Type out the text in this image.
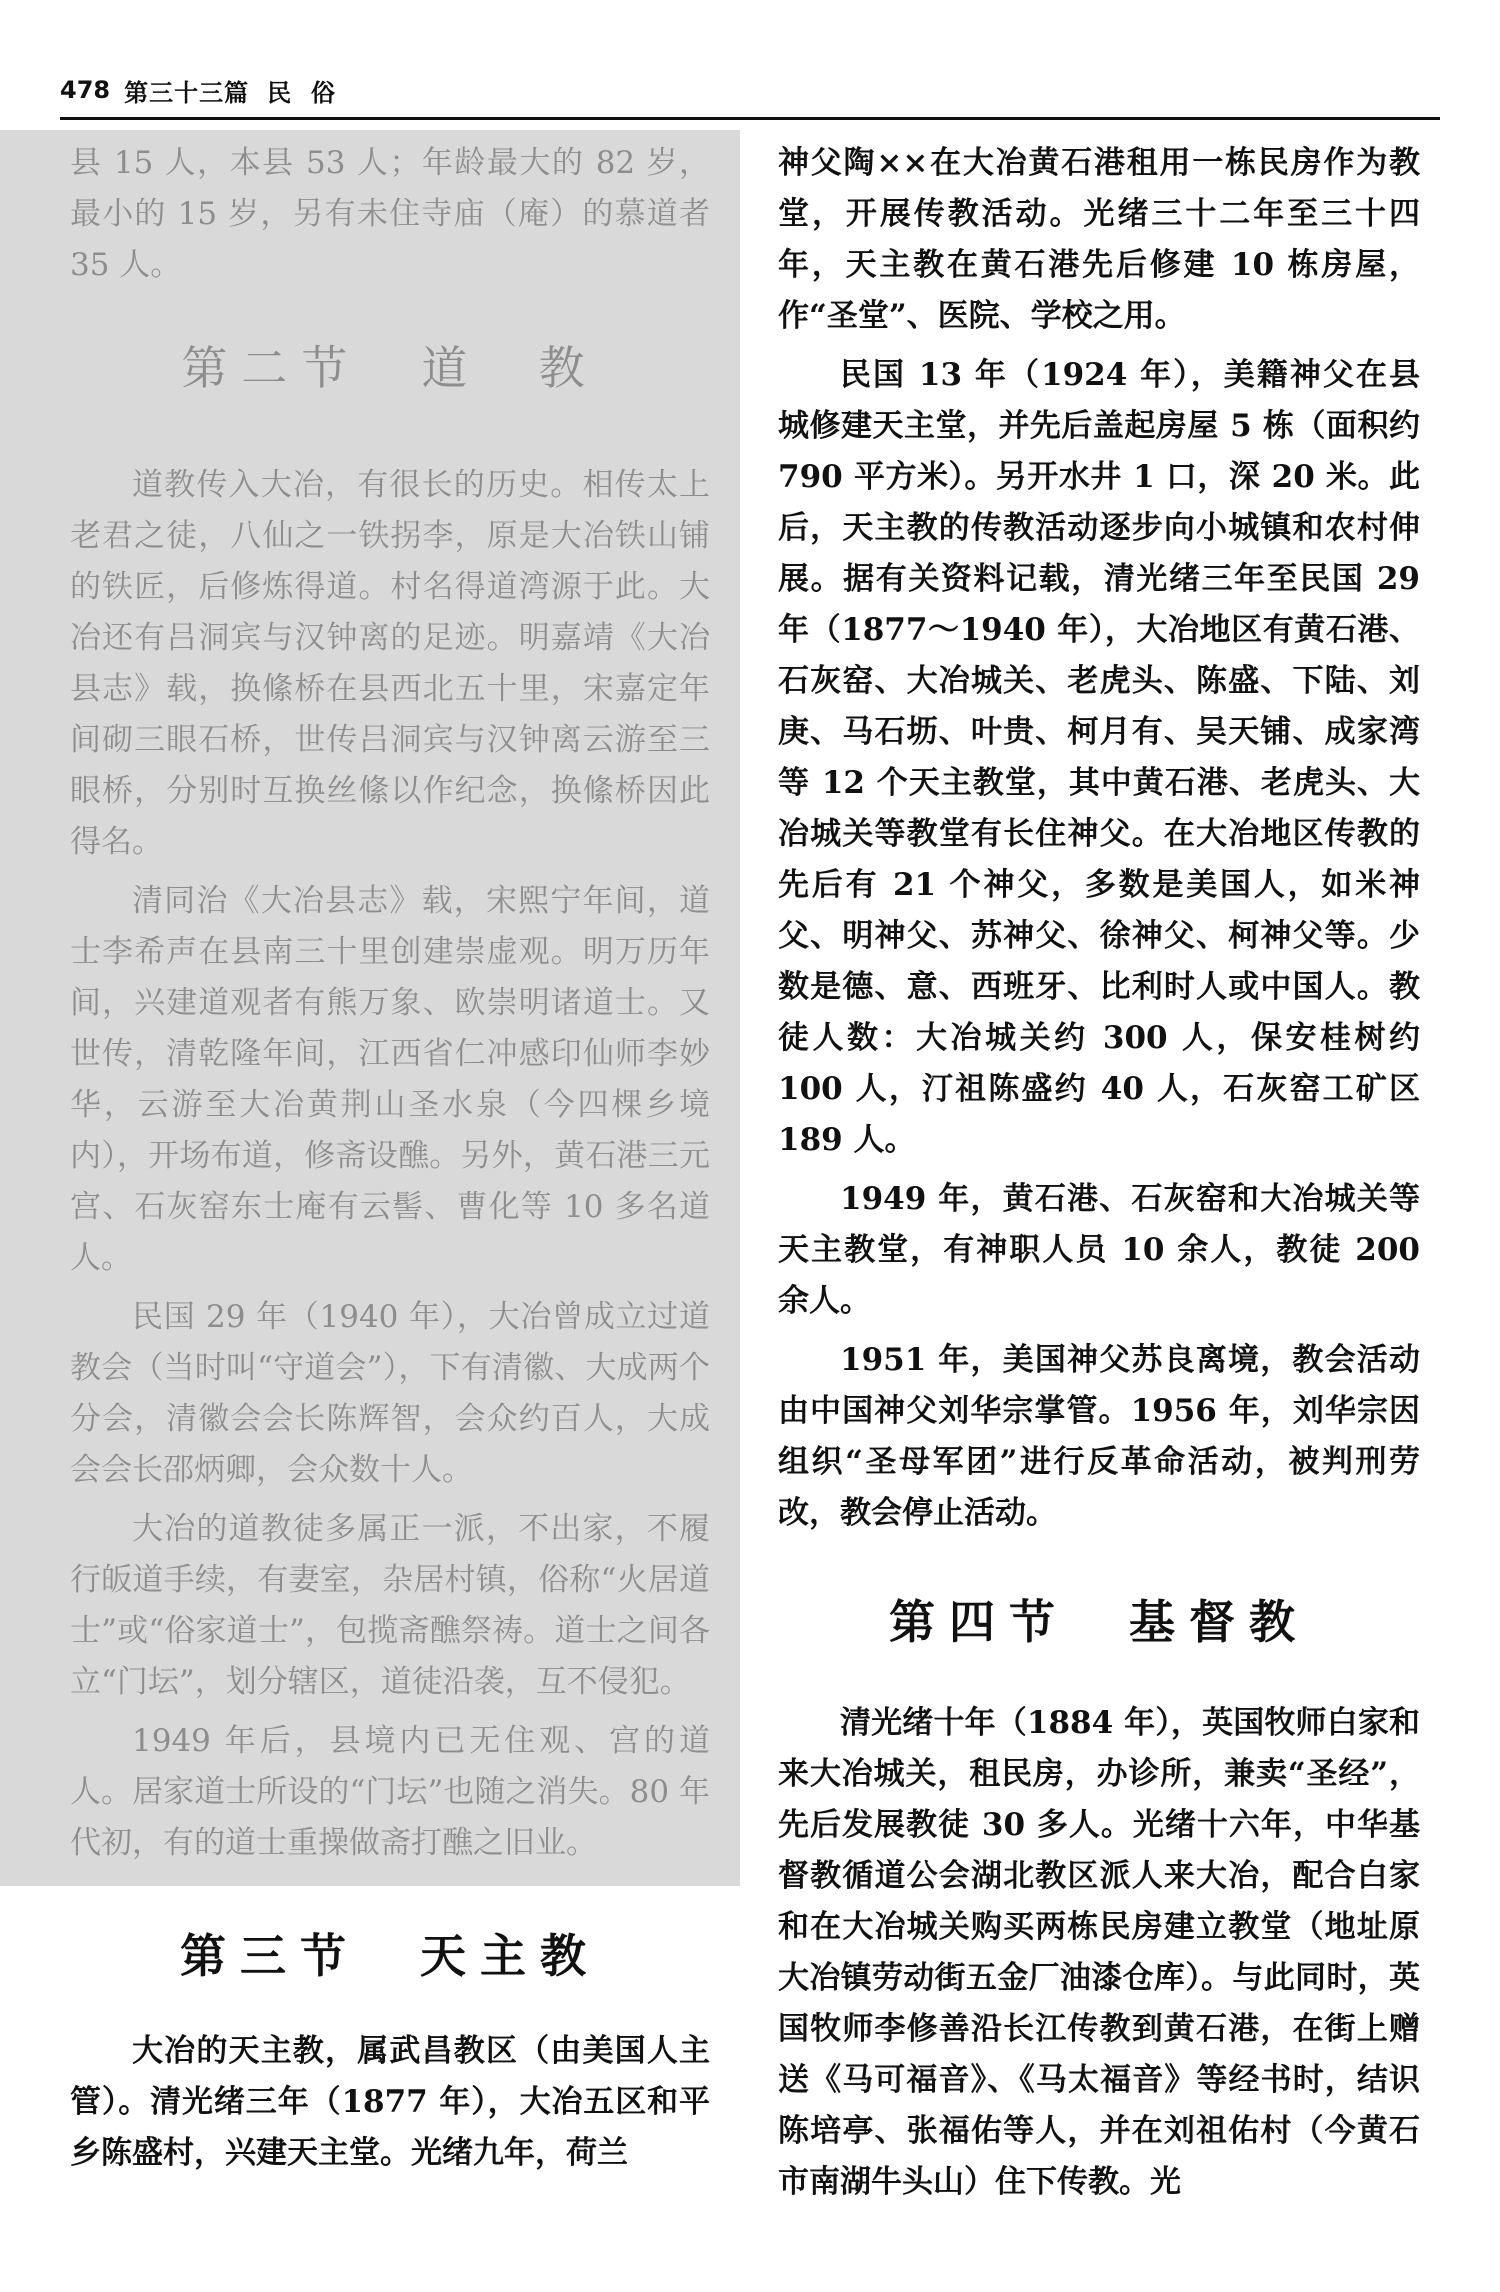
478 第三十三篇 民  俗

县 15 人，本县 53 人；年龄最大的 82 岁，最小的 15 岁，另有未住寺庙（庵）的慕道者 35 人。

第二节 道  教

道教传入大冶，有很长的历史。相传太上老君之徒，八仙之一铁拐李，原是大冶铁山铺的铁匠，后修炼得道。村名得道湾源于此。大冶还有吕洞宾与汉钟离的足迹。明嘉靖《大冶县志》载，换絛桥在县西北五十里，宋嘉定年间砌三眼石桥，世传吕洞宾与汉钟离云游至三眼桥，分别时互换丝絛以作纪念，换絛桥因此得名。

清同治《大冶县志》载，宋熙宁年间，道士李希声在县南三十里创建崇虚观。明万历年间，兴建道观者有熊万象、欧崇明诸道士。又世传，清乾隆年间，江西省仁冲感印仙师李妙华，云游至大冶黄荆山圣水泉（今四棵乡境内），开场布道，修斋设醮。另外，黄石港三元宫、石灰窑东士庵有云髻、曹化等 10 多名道人。

民国 29 年（1940 年），大冶曾成立过道教会（当时叫“守道会”），下有清徽、大成两个分会，清徽会会长陈辉智，会众约百人，大成会会长邵炳卿，会众数十人。

大冶的道教徒多属正一派，不出家，不履行皈道手续，有妻室，杂居村镇，俗称“火居道士”或“俗家道士”，包揽斋醮祭祷。道士之间各立“门坛”，划分辖区，道徒沿袭，互不侵犯。

1949 年后，县境内已无住观、宫的道人。居家道士所设的“门坛”也随之消失。80 年代初，有的道士重操做斋打醮之旧业。

第三节 天主教

大冶的天主教，属武昌教区（由美国人主管）。清光绪三年（1877 年），大冶五区和平乡陈盛村，兴建天主堂。光绪九年，荷兰

神父陶××在大冶黄石港租用一栋民房作为教堂，开展传教活动。光绪三十二年至三十四年，天主教在黄石港先后修建 10 栋房屋，作“圣堂”、医院、学校之用。

民国 13 年（1924 年），美籍神父在县城修建天主堂，并先后盖起房屋 5 栋（面积约 790 平方米）。另开水井 1 口，深 20 米。此后，天主教的传教活动逐步向小城镇和农村伸展。据有关资料记载，清光绪三年至民国 29 年（1877～1940 年），大冶地区有黄石港、石灰窑、大冶城关、老虎头、陈盛、下陆、刘庚、马石坜、叶贵、柯月有、吴天铺、成家湾等 12 个天主教堂，其中黄石港、老虎头、大冶城关等教堂有长住神父。在大冶地区传教的先后有 21 个神父，多数是美国人，如米神父、明神父、苏神父、徐神父、柯神父等。少数是德、意、西班牙、比利时人或中国人。教徒人数：大冶城关约 300 人，保安桂树约 100 人，汀祖陈盛约 40 人，石灰窑工矿区 189 人。

1949 年，黄石港、石灰窑和大冶城关等天主教堂，有神职人员 10 余人，教徒 200 余人。

1951 年，美国神父苏良离境，教会活动由中国神父刘华宗掌管。1956 年，刘华宗因组织“圣母军团”进行反革命活动，被判刑劳改，教会停止活动。

第四节 基督教

清光绪十年（1884 年），英国牧师白家和来大冶城关，租民房，办诊所，兼卖“圣经”，先后发展教徒 30 多人。光绪十六年，中华基督教循道公会湖北教区派人来大冶，配合白家和在大冶城关购买两栋民房建立教堂（地址原大冶镇劳动街五金厂油漆仓库）。与此同时，英国牧师李修善沿长江传教到黄石港，在街上赠送《马可福音》、《马太福音》等经书时，结识陈培亭、张福佑等人，并在刘祖佑村（今黄石市南湖牛头山）住下传教。光
